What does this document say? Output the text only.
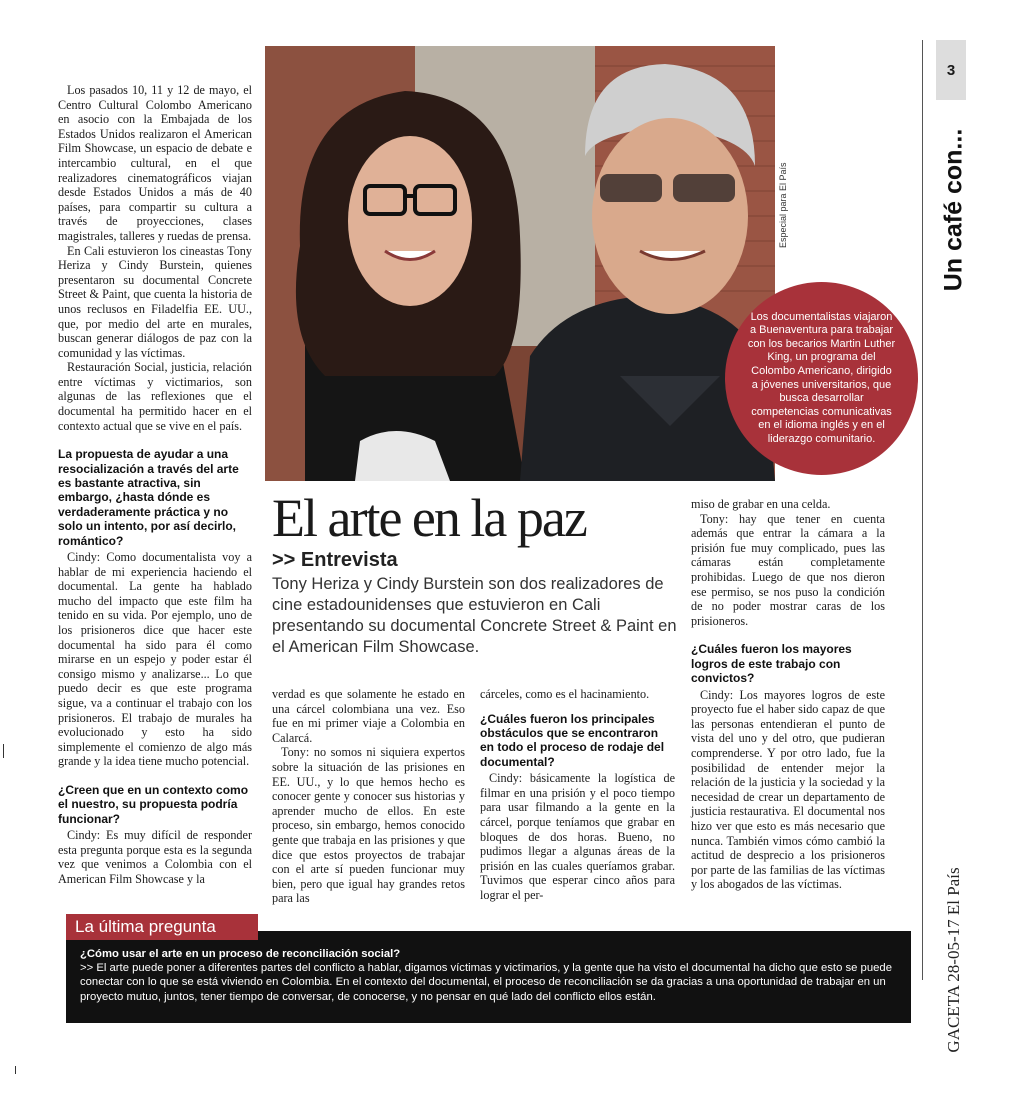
Especial para El País
Los documentalistas viajaron a Buenaventura para trabajar con los becarios Martin Luther King, un programa del Colombo Americano, dirigido a jóvenes universitarios, que busca desarrollar competencias comunicativas en el idioma inglés y en el liderazgo comunitario.
3
Un café con...
GACETA 28-05-17 El País

Los pasados 10, 11 y 12 de mayo, el Centro Cultural Colombo Americano en asocio con la Embajada de los Estados Unidos realizaron el American Film Showcase, un espacio de debate e intercambio cultural, en el que realizadores cinematográficos viajan desde Estados Unidos a más de 40 países, para compartir su cultura a través de proyecciones, clases magistrales, talleres y ruedas de prensa.

En Cali estuvieron los cineastas Tony Heriza y Cindy Burstein, quienes presentaron su documental Concrete Street & Paint, que cuenta la historia de unos reclusos en Filadelfia EE. UU., que, por medio del arte en murales, buscan generar diálogos de paz con la comunidad y las víctimas.

Restauración Social, justicia, relación entre víctimas y victimarios, son algunas de las reflexiones que el documental ha permitido hacer en el contexto actual que se vive en el país.

La propuesta de ayudar a una resocialización a través del arte es bastante atractiva, sin embargo, ¿hasta dónde es verdaderamente práctica y no solo un intento, por así decirlo, romántico?

Cindy: Como documentalista voy a hablar de mi experiencia haciendo el documental. La gente ha hablado mucho del impacto que este film ha tenido en su vida. Por ejemplo, uno de los prisioneros dice que hacer este documental ha sido para él como mirarse en un espejo y poder estar él consigo mismo y analizarse... Lo que puedo decir es que este programa sigue, va a continuar el trabajo con los prisioneros. El trabajo de murales ha evolucionado y esto ha sido simplemente el comienzo de algo más grande y la idea tiene mucho potencial.

¿Creen que en un contexto como el nuestro, su propuesta podría funcionar?

Cindy: Es muy difícil de responder esta pregunta porque esta es la segunda vez que venimos a Colombia con el American Film Showcase y la

El arte en la paz
>> Entrevista
Tony Heriza y Cindy Burstein son dos realizadores de cine estadounidenses que estuvieron en Cali presentando su documental Concrete Street & Paint en el American Film Showcase.

verdad es que solamente he estado en una cárcel colombiana una vez. Eso fue en mi primer viaje a Colombia en Calarcá.

Tony: no somos ni siquiera expertos sobre la situación de las prisiones en EE. UU., y lo que hemos hecho es conocer gente y conocer sus historias y aprender mucho de ellos. En este proceso, sin embargo, hemos conocido gente que trabaja en las prisiones y que dice que estos proyectos de trabajar con el arte sí pueden funcionar muy bien, pero que igual hay grandes retos para las

cárceles, como es el hacinamiento.

¿Cuáles fueron los principales obstáculos que se encontraron en todo el proceso de rodaje del documental?

Cindy: básicamente la logística de filmar en una prisión y el poco tiempo para usar filmando a la gente en la cárcel, porque teníamos que grabar en bloques de dos horas. Bueno, no pudimos llegar a algunas áreas de la prisión en las cuales queríamos grabar. Tuvimos que esperar cinco años para lograr el per-

miso de grabar en una celda.

Tony: hay que tener en cuenta además que entrar la cámara a la prisión fue muy complicado, pues las cámaras están completamente prohibidas. Luego de que nos dieron ese permiso, se nos puso la condición de no poder mostrar caras de los prisioneros.

¿Cuáles fueron los mayores logros de este trabajo con convictos?

Cindy: Los mayores logros de este proyecto fue el haber sido capaz de que las personas entendieran el punto de vista del uno y del otro, que pudieran comprenderse. Y por otro lado, fue la posibilidad de entender mejor la relación de la justicia y la sociedad y la necesidad de crear un departamento de justicia restaurativa. El documental nos hizo ver que esto es más necesario que nunca. También vimos cómo cambió la actitud de desprecio a los prisioneros por parte de las familias de las víctimas y los abogados de las víctimas.

¿Cómo usar el arte en un proceso de reconciliación social?
>> El arte puede poner a diferentes partes del conflicto a hablar, digamos víctimas y victimarios, y la gente que ha visto el documental ha dicho que esto se puede conectar con lo que se está viviendo en Colombia. En el contexto del documental, el proceso de reconciliación se da gracias a una oportunidad de trabajar en un proyecto mutuo, juntos, tener tiempo de conversar, de conocerse, y no pensar en qué lado del conflicto ellos están.
La última pregunta
